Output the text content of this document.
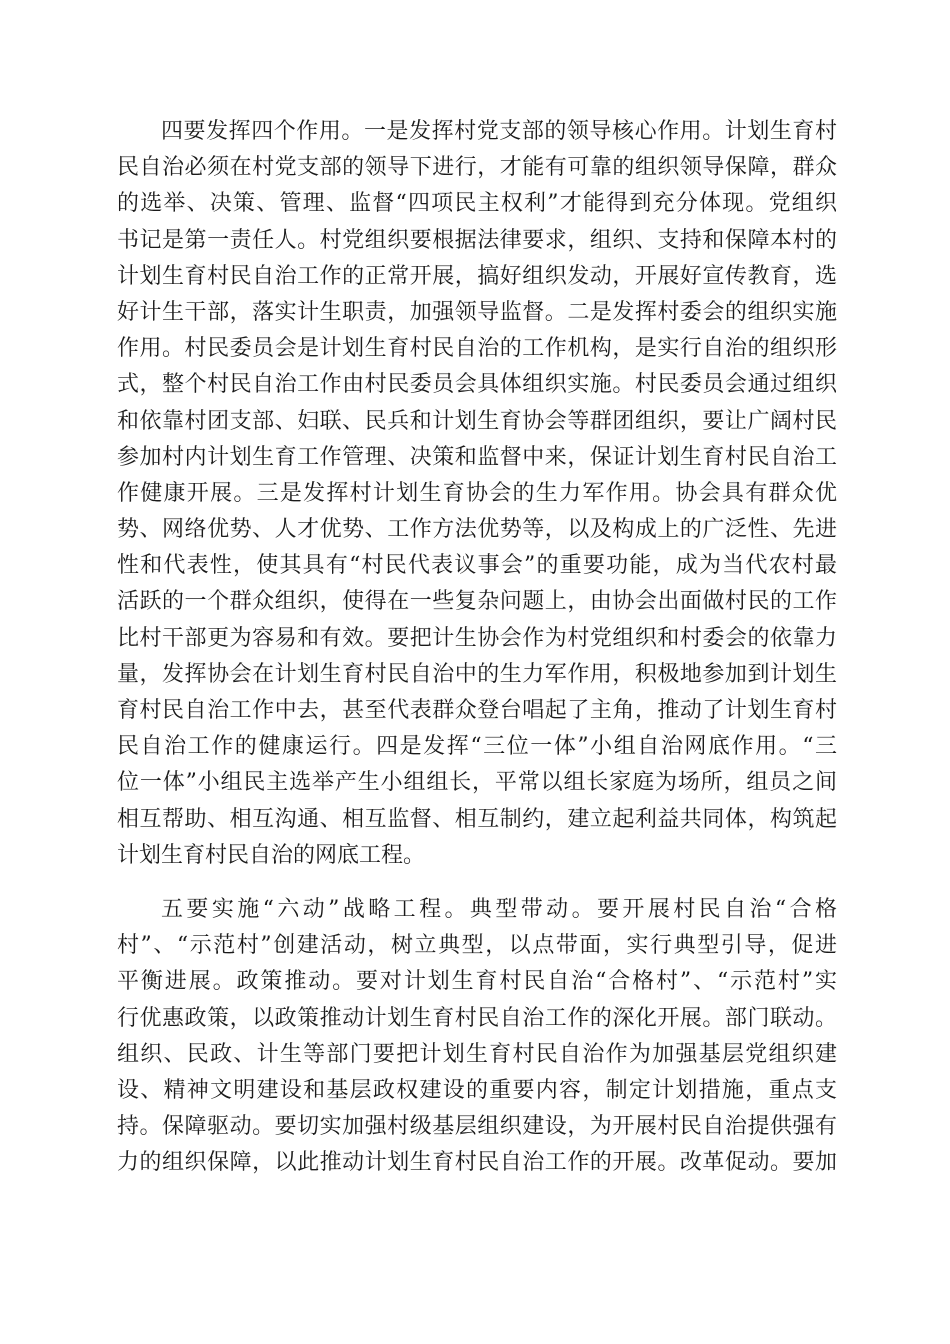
四要发挥四个作用。一是发挥村党支部的领导核心作用。计划生育村
民自治必须在村党支部的领导下进行，才能有可靠的组织领导保障，群众
的选举、决策、管理、监督“四项民主权利”才能得到充分体现。党组织
书记是第一责任人。村党组织要根据法律要求，组织、支持和保障本村的
计划生育村民自治工作的正常开展，搞好组织发动，开展好宣传教育，选
好计生干部，落实计生职责，加强领导监督。二是发挥村委会的组织实施
作用。村民委员会是计划生育村民自治的工作机构，是实行自治的组织形
式，整个村民自治工作由村民委员会具体组织实施。村民委员会通过组织
和依靠村团支部、妇联、民兵和计划生育协会等群团组织，要让广阔村民
参加村内计划生育工作管理、决策和监督中来，保证计划生育村民自治工
作健康开展。三是发挥村计划生育协会的生力军作用。协会具有群众优
势、网络优势、人才优势、工作方法优势等，以及构成上的广泛性、先进
性和代表性，使其具有“村民代表议事会”的重要功能，成为当代农村最
活跃的一个群众组织，使得在一些复杂问题上，由协会出面做村民的工作
比村干部更为容易和有效。要把计生协会作为村党组织和村委会的依靠力
量，发挥协会在计划生育村民自治中的生力军作用，积极地参加到计划生
育村民自治工作中去，甚至代表群众登台唱起了主角，推动了计划生育村
民自治工作的健康运行。四是发挥“三位一体”小组自治网底作用。“三
位一体”小组民主选举产生小组组长，平常以组长家庭为场所，组员之间
相互帮助、相互沟通、相互监督、相互制约，建立起利益共同体，构筑起
计划生育村民自治的网底工程。
五要实施“六动”战略工程。典型带动。要开展村民自治“合格
村”、“示范村”创建活动，树立典型，以点带面，实行典型引导，促进
平衡进展。政策推动。要对计划生育村民自治“合格村”、“示范村”实
行优惠政策，以政策推动计划生育村民自治工作的深化开展。部门联动。
组织、民政、计生等部门要把计划生育村民自治作为加强基层党组织建
设、精神文明建设和基层政权建设的重要内容，制定计划措施，重点支
持。保障驱动。要切实加强村级基层组织建设，为开展村民自治提供强有
力的组织保障，以此推动计划生育村民自治工作的开展。改革促动。要加
